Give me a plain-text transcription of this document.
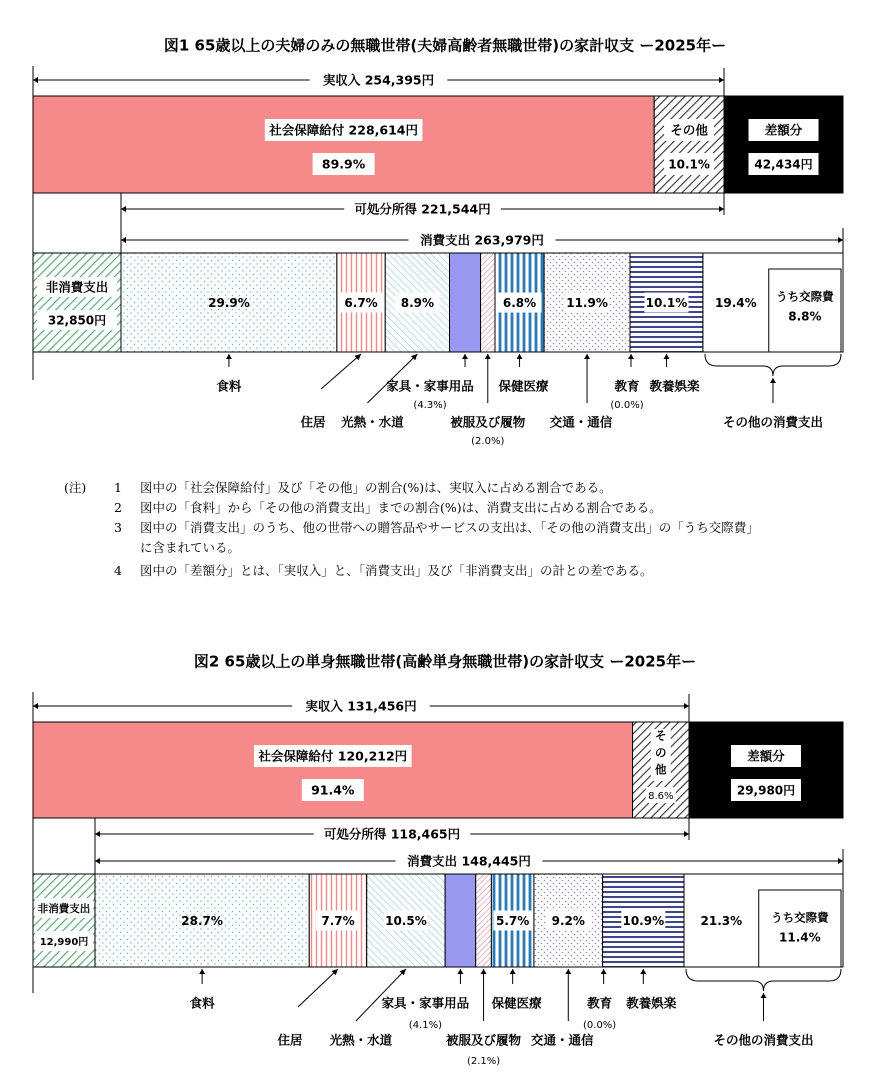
図1 65歳以上の夫婦のみの無職世帯(夫婦高齢者無職世帯)の家計収支 ー2025年ー
実収入 254,395円
社会保障給付 228,614円
89.9%
その他
10.1%
差額分
42,434円
可処分所得 221,544円
消費支出 263,979円
非消費支出
32,850円
29.9%	6.7% 8.9%	6.8%	11.9%	10.1%	うち交際費
8.8%
19.4%
食料
住居 光熱・水道
家具・家事用品
(4.3%)
被服及び履物
(2.0%)
保健医療
交通・通信
教育
(0.0%)
教養娯楽
その他の消費支出
図2 65歳以上の単身無職世帯(高齢単身無職世帯)の家計収支 ー2025年ー
実収入 131,456円
社会保障給付 120,212円
91.4%
そ
の
他
8.6%
差額分
29,980円
可処分所得 118,465円
消費支出 148,445円
非消費支出
12,990円
28.7%	7.7%	10.5%	5.7% 9.2%	10.9%	うち交際費
11.4%
21.3%
食料
住居 光熱・水道
家具・家事用品
(4.1%)
被服及び履物
(2.1%)
保健医療
交通・通信
教育
(0.0%)
教養娯楽
その他の消費支出
(注) 1 図中の「社会保障給付」及び「その他」の割合(%)は、実収入に占める割合である。
2 図中の「食料」から「その他の消費支出」までの割合(%)は、消費支出に占める割合である。
3 図中の「消費支出」のうち、他の世帯への贈答品やサービスの支出は、「その他の消費支出」の「うち交際費」
に含まれている。
4 図中の「差額分」とは、「実収入」と、「消費支出」及び「非消費支出」の計との差である。
